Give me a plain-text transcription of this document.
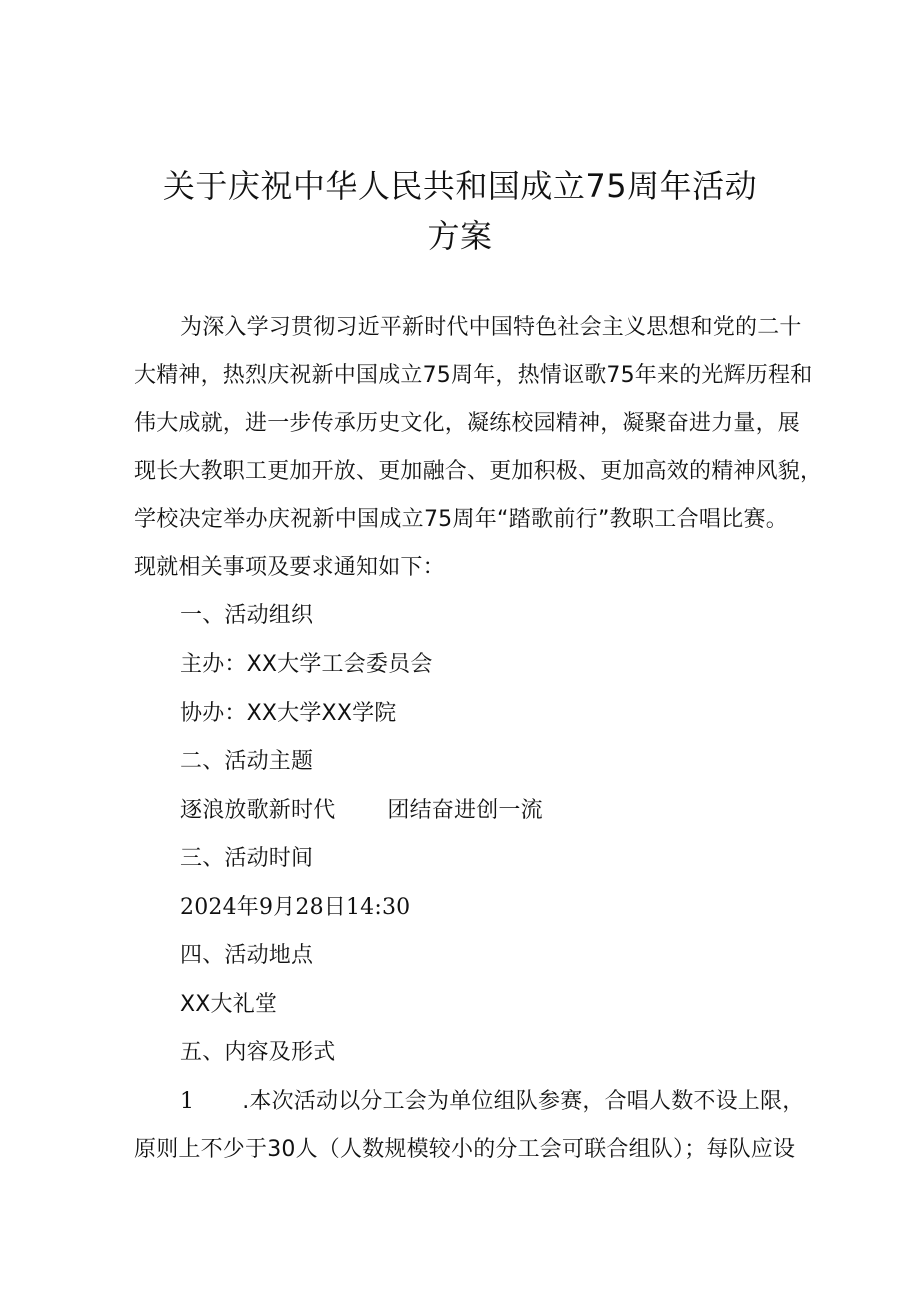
关于庆祝中华人民共和国成立75周年活动
方案
为深入学习贯彻习近平新时代中国特色社会主义思想和党的二十
大精神，热烈庆祝新中国成立75周年，热情讴歌75年来的光辉历程和
伟大成就，进一步传承历史文化，凝练校园精神，凝聚奋进力量，展
现长大教职工更加开放、更加融合、更加积极、更加高效的精神风貌，
学校决定举办庆祝新中国成立75周年“踏歌前行”教职工合唱比赛。
现就相关事项及要求通知如下：
一、活动组织
主办：XX大学工会委员会
协办：XX大学XX学院
二、活动主题
逐浪放歌新时代 团结奋进创一流
三、活动时间
2024年9月28日14:30
四、活动地点
XX大礼堂
五、内容及形式
1 .本次活动以分工会为单位组队参赛，合唱人数不设上限，
原则上不少于30人（人数规模较小的分工会可联合组队）；每队应设
